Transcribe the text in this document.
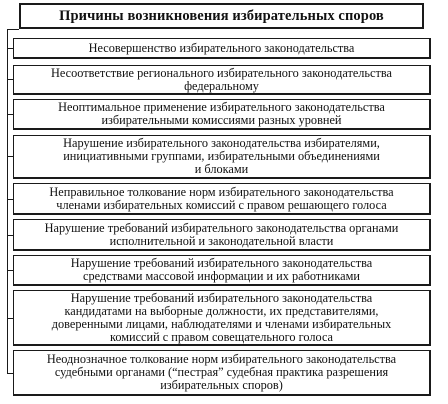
Причины возникновения избирательных споров
Несовершенство избирательного законодательства
Несоответствие регионального избирательного законодательства
федеральному
Неоптимальное применение избирательного законодательства
избирательными комиссиями разных уровней
Нарушение избирательного законодательства избирателями,
инициативными группами, избирательными объединениями
и блоками
Неправильное толкование норм избирательного законодательства
членами избирательных комиссий с правом решающего голоса
Нарушение требований избирательного законодательства органами
исполнительной и законодательной власти
Нарушение требований избирательного законодательства
средствами массовой информации и их работниками
Нарушение требований избирательного законодательства
кандидатами на выборные должности, их представителями,
доверенными лицами, наблюдателями и членами избирательных
комиссий с правом совещательного голоса
Неоднозначное толкование норм избирательного законодательства
судебными органами (“пестрая” судебная практика разрешения
избирательных споров)
